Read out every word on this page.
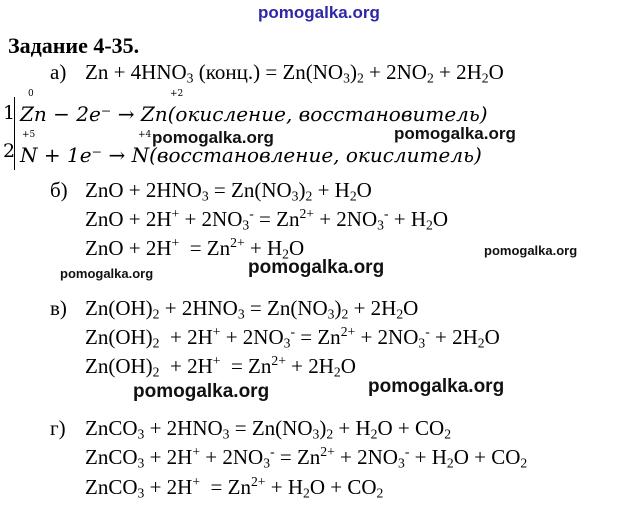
pomogalka.org
pomogalka.org	pomogalka.org
pomogalka.org
pomogalka.org	pomogalka.org
pomogalka.org	pomogalka.org
Задание 4-35.
а) $Zn + 4HNO_3$ (конц.) = $Zn(NO_3)_2 + 2NO_2 + 2H_2O$
1
2
0	+2
Zn − 2e⁻ → Zn(окисление, восстановитель)
+5	+4
N + 1e⁻ → N(восстановление, окислитель)
б) ZnO + $2HNO_3 = Zn(NO_3)_2 + H_2O$
ZnO + $2H^+ + 2NO_3^- = Zn^{2+} + 2NO_3^- + H_2O$
ZnO + $2H^+ = Zn^{2+} + H_2O$
в) $Zn(OH)_2 + 2HNO_3 = Zn(NO_3)_2 + 2H_2O$
$Zn(OH)_2 + 2H^+ + 2NO_3^- = Zn^{2+} + 2NO_3^- + 2H_2O$
$Zn(OH)_2 + 2H^+ = Zn^{2+} + 2H_2O$
г) ZnCO$_3$ + $2HNO_3 = Zn(NO_3)_2 + H_2O + CO_2$
ZnCO$_3$ + $2H^+ + 2NO_3^- = Zn^{2+} + 2NO_3^- + H_2O + CO_2$
ZnCO$_3$ + $2H^+ = Zn^{2+} + H_2O + CO_2$
